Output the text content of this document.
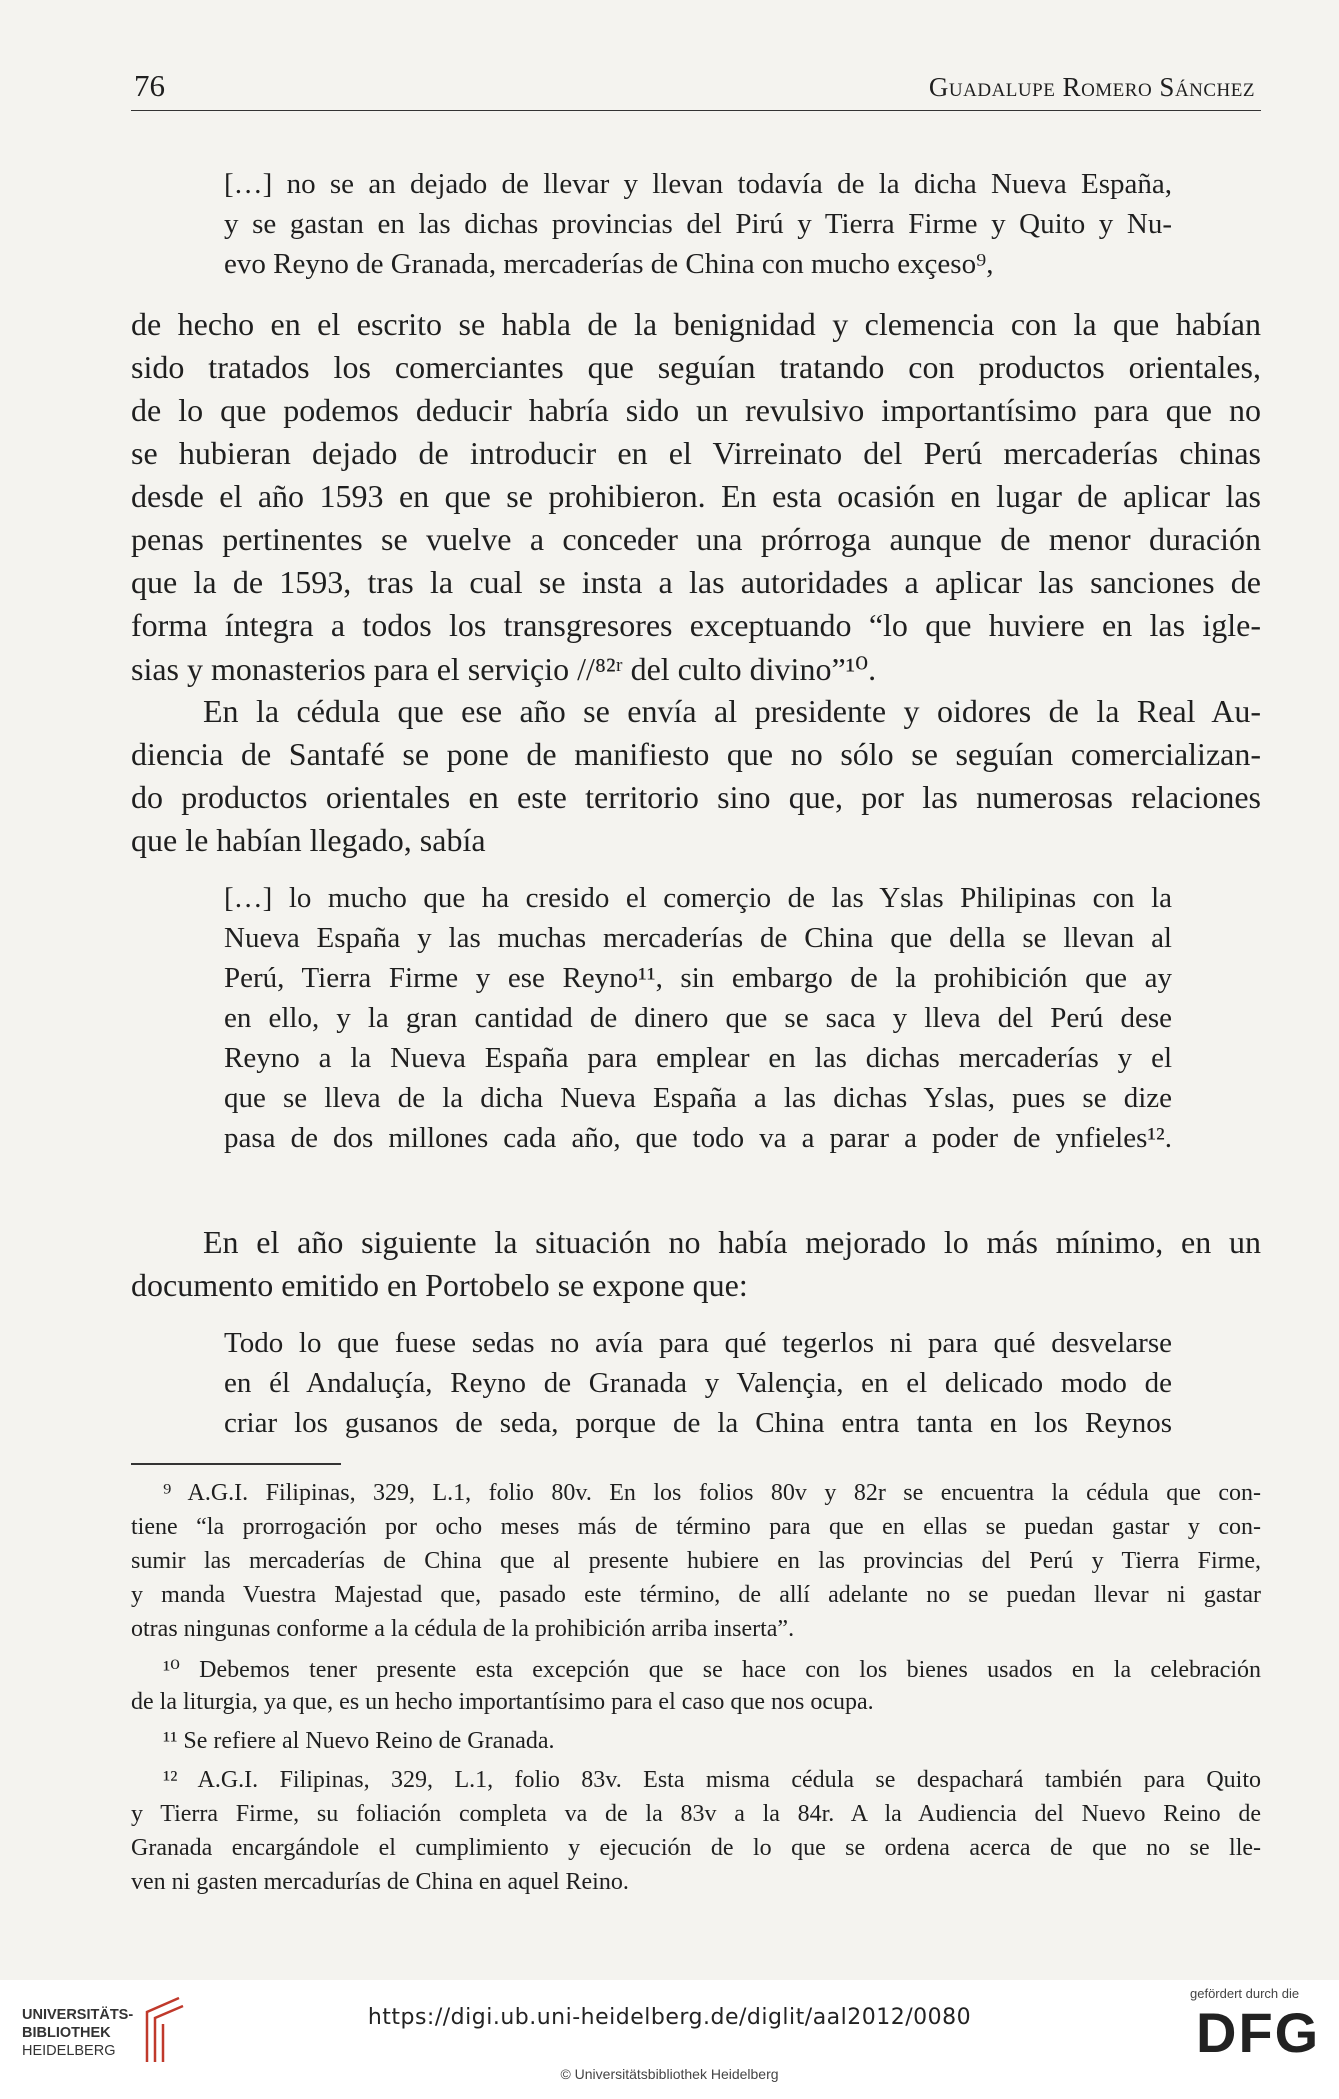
76	Guadalupe Romero Sánchez
[…] no se an dejado de llevar y llevan todavía de la dicha Nueva España,
y se gastan en las dichas provincias del Pirú y Tierra Firme y Quito y Nu-
evo Reyno de Granada, mercaderías de China con mucho exçeso⁹,
de hecho en el escrito se habla de la benignidad y clemencia con la que habían
sido tratados los comerciantes que seguían tratando con productos orientales,
de lo que podemos deducir habría sido un revulsivo importantísimo para que no
se hubieran dejado de introducir en el Virreinato del Perú mercaderías chinas
desde el año 1593 en que se prohibieron. En esta ocasión en lugar de aplicar las
penas pertinentes se vuelve a conceder una prórroga aunque de menor duración
que la de 1593, tras la cual se insta a las autoridades a aplicar las sanciones de
forma íntegra a todos los transgresores exceptuando “lo que huviere en las igle-
sias y monasterios para el serviçio //⁸²ʳ del culto divino”¹⁰.
En la cédula que ese año se envía al presidente y oidores de la Real Au-
diencia de Santafé se pone de manifiesto que no sólo se seguían comercializan-
do productos orientales en este territorio sino que, por las numerosas relaciones
que le habían llegado, sabía
[…] lo mucho que ha cresido el comerçio de las Yslas Philipinas con la
Nueva España y las muchas mercaderías de China que della se llevan al
Perú, Tierra Firme y ese Reyno¹¹, sin embargo de la prohibición que ay
en ello, y la gran cantidad de dinero que se saca y lleva del Perú dese
Reyno a la Nueva España para emplear en las dichas mercaderías y el
que se lleva de la dicha Nueva España a las dichas Yslas, pues se dize
pasa de dos millones cada año, que todo va a parar a poder de ynfieles¹².
En el año siguiente la situación no había mejorado lo más mínimo, en un
documento emitido en Portobelo se expone que:
Todo lo que fuese sedas no avía para qué tegerlos ni para qué desvelarse
en él Andaluçía, Reyno de Granada y Valençia, en el delicado modo de
criar los gusanos de seda, porque de la China entra tanta en los Reynos
⁹ A.G.I. Filipinas, 329, L.1, folio 80v. En los folios 80v y 82r se encuentra la cédula que con-
tiene “la prorrogación por ocho meses más de término para que en ellas se puedan gastar y con-
sumir las mercaderías de China que al presente hubiere en las provincias del Perú y Tierra Firme,
y manda Vuestra Majestad que, pasado este término, de allí adelante no se puedan llevar ni gastar
otras ningunas conforme a la cédula de la prohibición arriba inserta”.
¹⁰ Debemos tener presente esta excepción que se hace con los bienes usados en la celebración
de la liturgia, ya que, es un hecho importantísimo para el caso que nos ocupa.
¹¹ Se refiere al Nuevo Reino de Granada.
¹² A.G.I. Filipinas, 329, L.1, folio 83v. Esta misma cédula se despachará también para Quito
y Tierra Firme, su foliación completa va de la 83v a la 84r. A la Audiencia del Nuevo Reino de
Granada encargándole el cumplimiento y ejecución de lo que se ordena acerca de que no se lle-
ven ni gasten mercadurías de China en aquel Reino.
UNIVERSITÄTS-
BIBLIOTHEK
HEIDELBERG
https://digi.ub.uni-heidelberg.de/diglit/aal2012/0080
© Universitätsbibliothek Heidelberg
gefördert durch die
DFG
